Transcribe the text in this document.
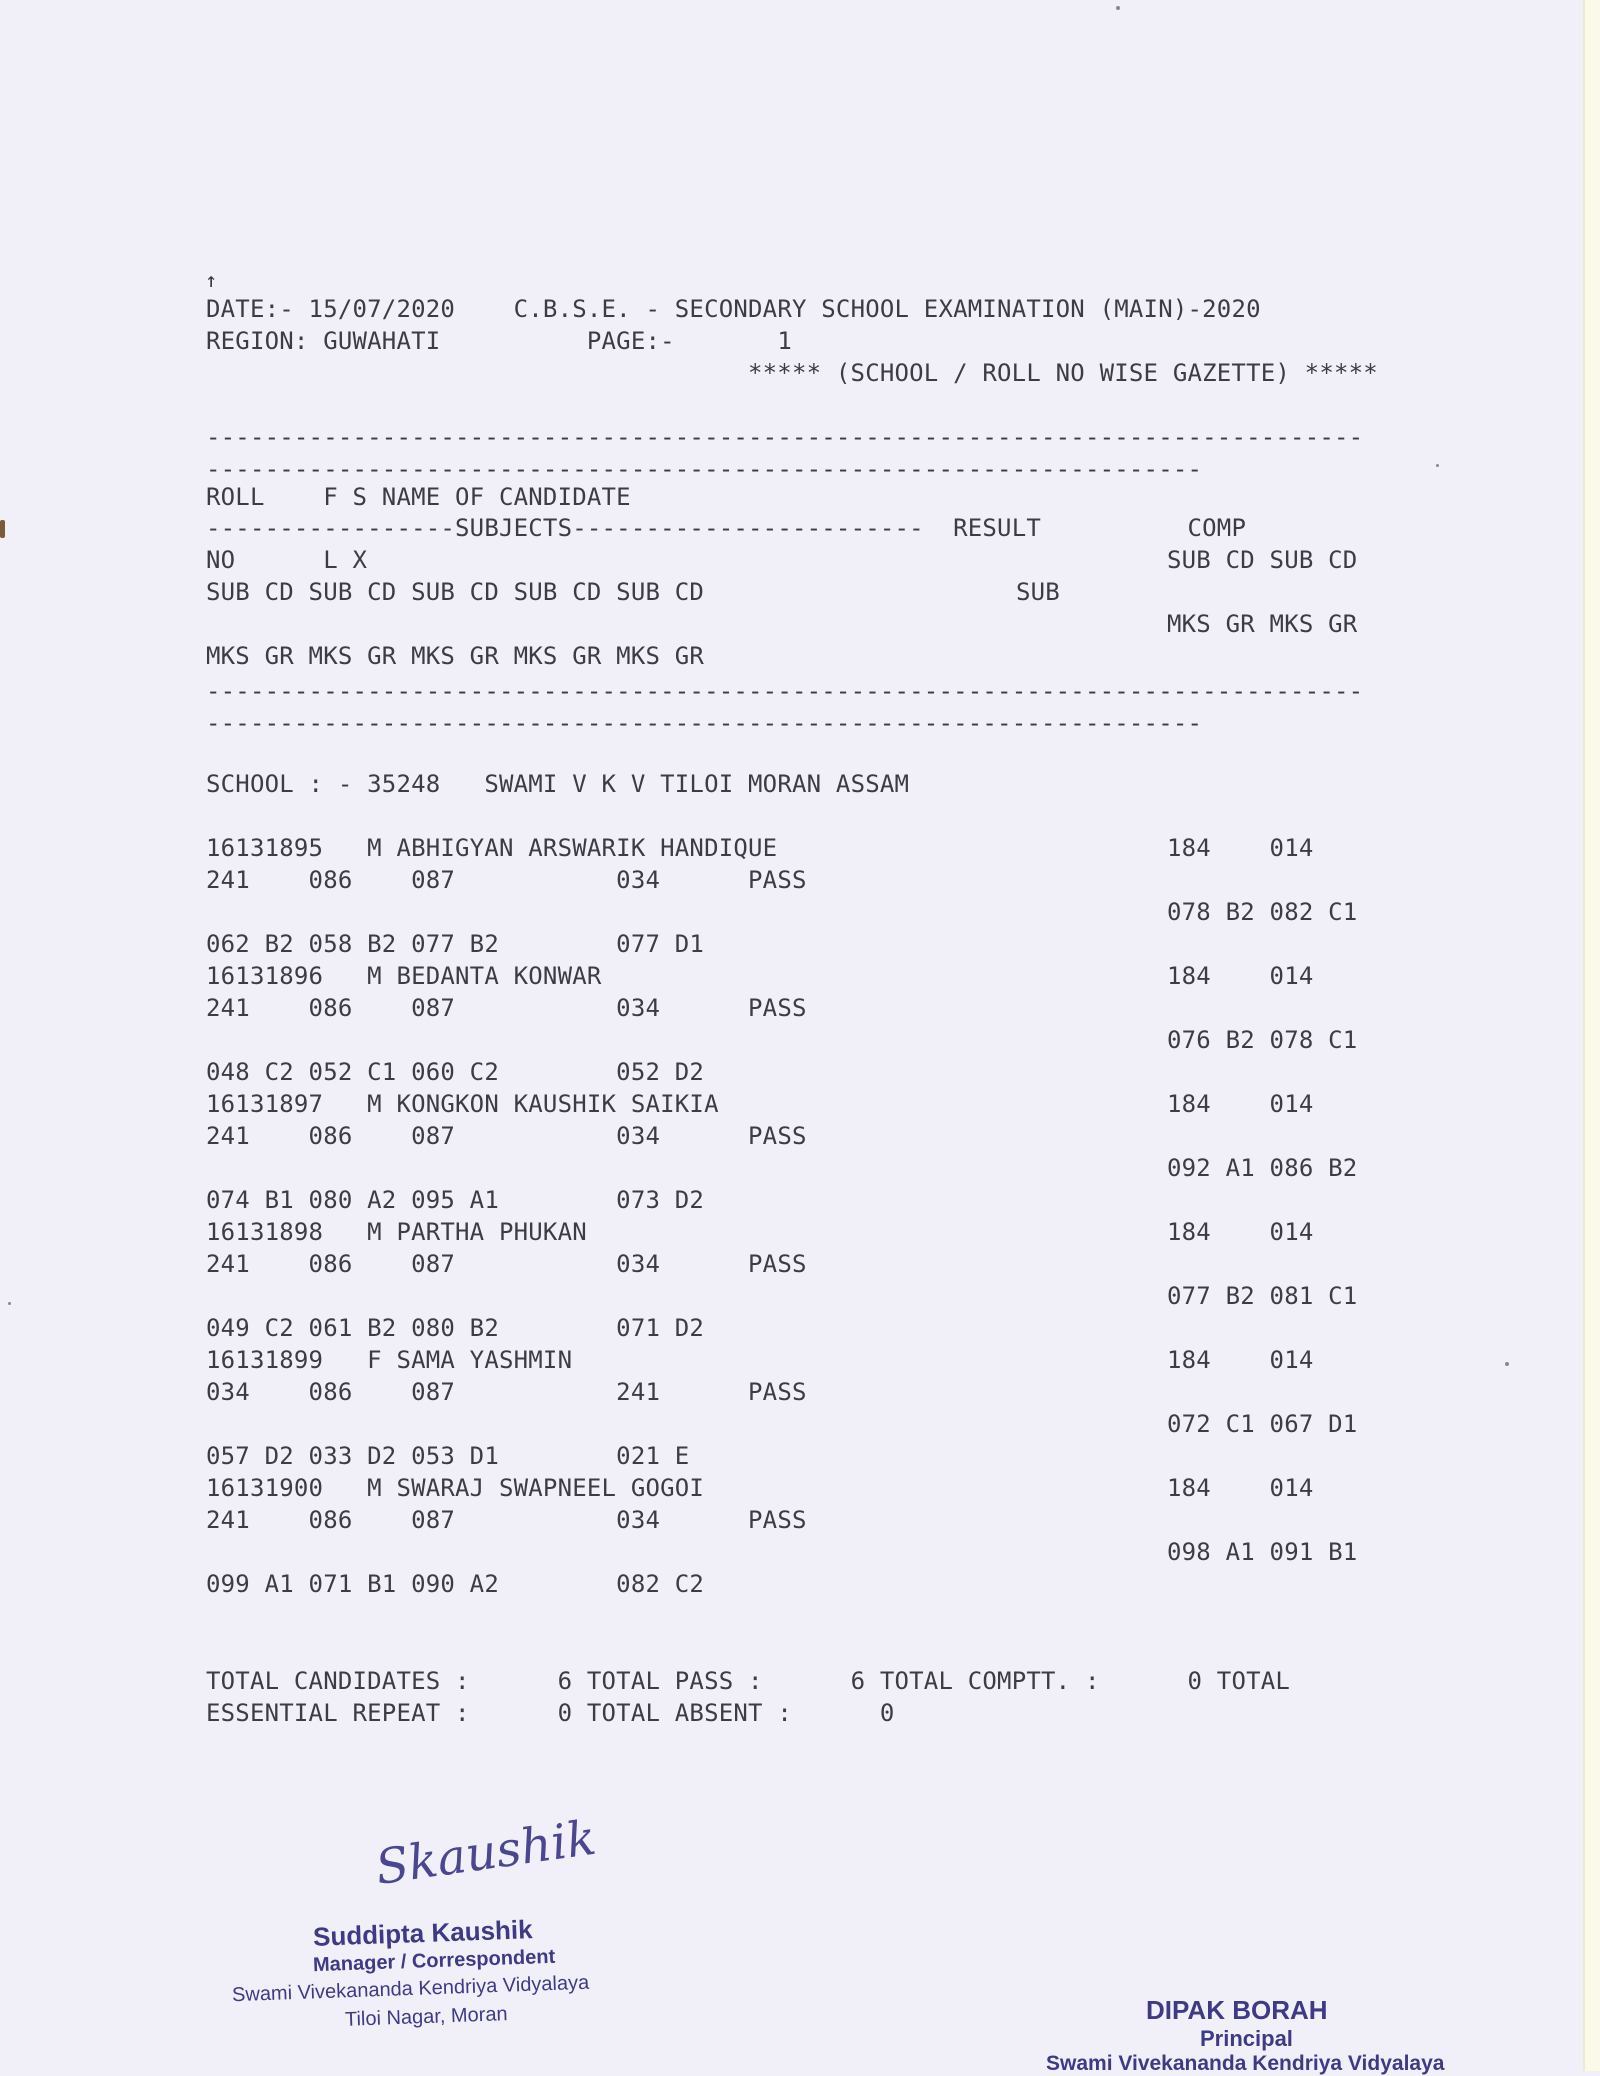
↑
DATE:- 15/07/2020    C.B.S.E. - SECONDARY SCHOOL EXAMINATION (MAIN)-2020
REGION: GUWAHATI          PAGE:-       1
***** (SCHOOL / ROLL NO WISE GAZETTE) *****
-------------------------------------------------------------------------------
--------------------------------------------------------------------
ROLL    F S NAME OF CANDIDATE
-----------------SUBJECTS------------------------  RESULT          COMP
NO      L X	SUB CD SUB CD
SUB CD SUB CD SUB CD SUB CD SUB CD	SUB
MKS GR MKS GR
MKS GR MKS GR MKS GR MKS GR MKS GR
-------------------------------------------------------------------------------
--------------------------------------------------------------------
SCHOOL : - 35248   SWAMI V K V TILOI MORAN ASSAM
16131895   M ABHIGYAN ARSWARIK HANDIQUE	184    014
241    086    087           034      PASS
078 B2 082 C1
062 B2 058 B2 077 B2        077 D1
16131896   M BEDANTA KONWAR	184    014
241    086    087           034      PASS
076 B2 078 C1
048 C2 052 C1 060 C2        052 D2
16131897   M KONGKON KAUSHIK SAIKIA	184    014
241    086    087           034      PASS
092 A1 086 B2
074 B1 080 A2 095 A1        073 D2
16131898   M PARTHA PHUKAN	184    014
241    086    087           034      PASS
077 B2 081 C1
049 C2 061 B2 080 B2        071 D2
16131899   F SAMA YASHMIN	184    014
034    086    087           241      PASS
072 C1 067 D1
057 D2 033 D2 053 D1        021 E
16131900   M SWARAJ SWAPNEEL GOGOI	184    014
241    086    087           034      PASS
098 A1 091 B1
099 A1 071 B1 090 A2        082 C2
TOTAL CANDIDATES :      6 TOTAL PASS :      6 TOTAL COMPTT. :      0 TOTAL
ESSENTIAL REPEAT :      0 TOTAL ABSENT :      0
Skaushik
Suddipta Kaushik
Manager / Correspondent
Swami Vivekananda Kendriya Vidyalaya
Tiloi Nagar, Moran	DIPAK BORAH
Principal
Swami Vivekananda Kendriya Vidyalaya
